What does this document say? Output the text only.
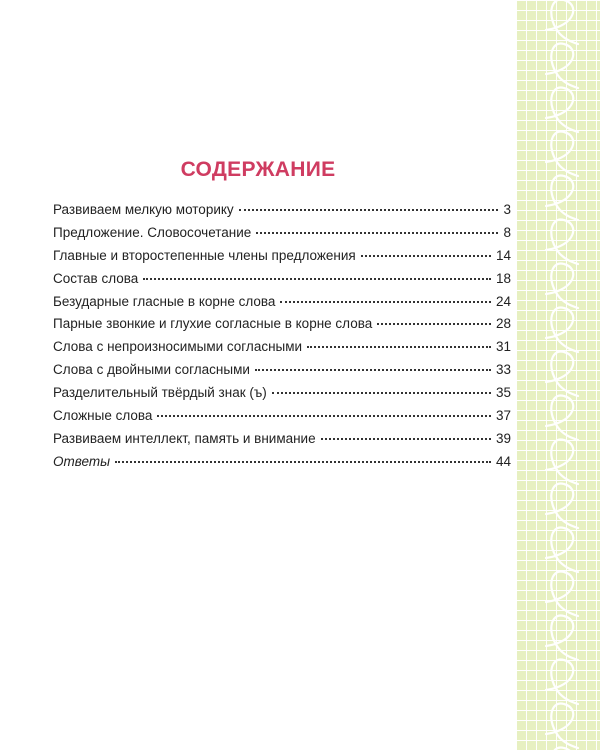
СОДЕРЖАНИЕ
Развиваем мелкую моторику	3
Предложение. Словосочетание	8
Главные и второстепенные члены предложения	14
Состав слова	18
Безударные гласные в корне слова	24
Парные звонкие и глухие согласные в корне слова	28
Слова с непроизносимыми согласными	31
Слова с двойными согласными	33
Разделительный твёрдый знак (ъ)	35
Сложные слова	37
Развиваем интеллект, память и внимание	39
Ответы	44
